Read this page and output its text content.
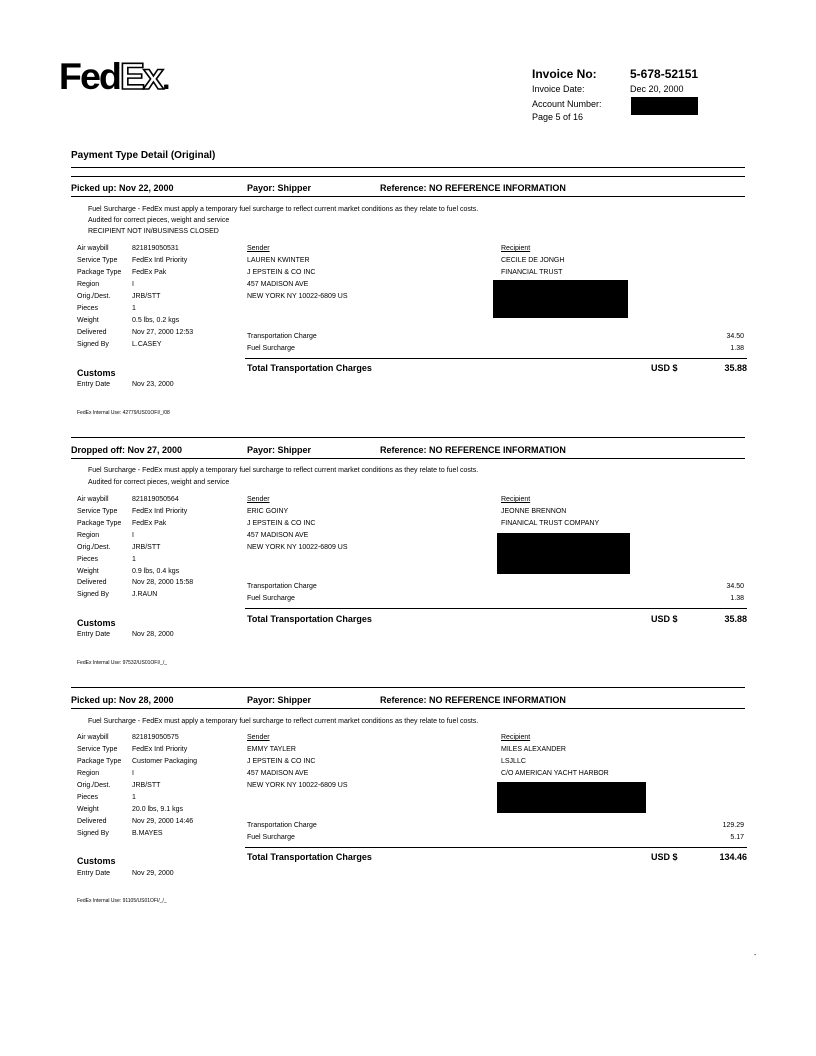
FedEx.	Invoice No:	5-678-52151
Invoice Date:	Dec 20, 2000
Account Number:
Page 5 of 16
Payment Type Detail (Original)
Picked up: Nov 22, 2000	Payor: Shipper	Reference: NO REFERENCE INFORMATION
Fuel Surcharge - FedEx must apply a temporary fuel surcharge to reflect current market conditions as they relate to fuel costs.
Audited for correct pieces, weight and service
RECIPIENT NOT IN/BUSINESS CLOSED
Air waybill	821819050531
Service Type FedEx Intl Priority
Package Type FedEx Pak
Region	I
Orig./Dest.	JRB/STT
Pieces	1
Weight	0.5 lbs, 0.2 kgs
Delivered	Nov 27, 2000 12:53
Signed By	L.CASEY
Sender
LAUREN KWINTER
J EPSTEIN & CO INC
457 MADISON AVE
NEW YORK NY 10022-6809 US
Recipient
CECILE DE JONGH
FINANCIAL TRUST
Transportation Charge	34.50
Fuel Surcharge	1.38
Total Transportation Charges	USD $	35.88
Customs
Entry Date	Nov 23, 2000
FedEx Internal Use: 42779/US01OFI/_/08
Dropped off: Nov 27, 2000	Payor: Shipper	Reference: NO REFERENCE INFORMATION
Fuel Surcharge - FedEx must apply a temporary fuel surcharge to reflect current market conditions as they relate to fuel costs.
Audited for correct pieces, weight and service
Air waybill	821819050564
Service Type FedEx Intl Priority
Package Type FedEx Pak
Region	I
Orig./Dest.	JRB/STT
Pieces	1
Weight	0.9 lbs, 0.4 kgs
Delivered	Nov 28, 2000 15:58
Signed By	J.RAUN
Sender
ERIC GOINY
J EPSTEIN & CO INC
457 MADISON AVE
NEW YORK NY 10022-6809 US
Recipient
JEONNE BRENNON
FINANICAL TRUST COMPANY
Transportation Charge	34.50
Fuel Surcharge	1.38
Total Transportation Charges	USD $	35.88
Customs
Entry Date	Nov 28, 2000
FedEx Internal Use: 97532/US01OFI/_/_
Picked up: Nov 28, 2000	Payor: Shipper	Reference: NO REFERENCE INFORMATION
Fuel Surcharge - FedEx must apply a temporary fuel surcharge to reflect current market conditions as they relate to fuel costs.
Air waybill	821819050575
Service Type FedEx Intl Priority
Package Type Customer Packaging
Region	I
Orig./Dest.	JRB/STT
Pieces	1
Weight	20.0 lbs, 9.1 kgs
Delivered	Nov 29, 2000 14:46
Signed By	B.MAYES
Sender
EMMY TAYLER
J EPSTEIN & CO INC
457 MADISON AVE
NEW YORK NY 10022-6809 US
Recipient
MILES ALEXANDER
LSJLLC
C/O AMERICAN YACHT HARBOR
Transportation Charge	129.29
Fuel Surcharge	5.17
Total Transportation Charges	USD $	134.46
Customs
Entry Date	Nov 29, 2000
FedEx Internal Use: 91105/US01OFI/_/_
-
